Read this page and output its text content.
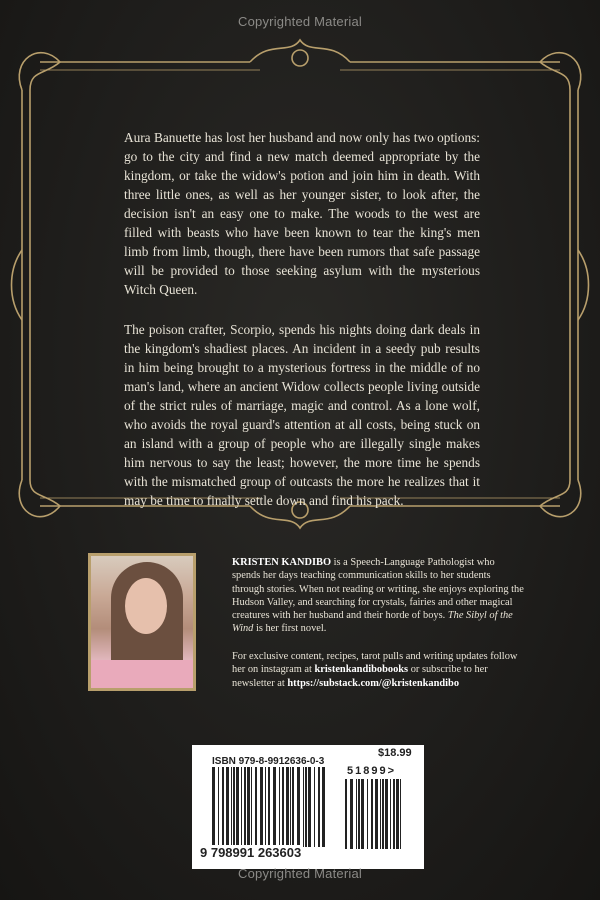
Copyrighted Material

Aura Banuette has lost her husband and now only has two options: go to the city and find a new match deemed appropriate by the kingdom, or take the widow's potion and join him in death. With three little ones, as well as her younger sister, to look after, the decision isn't an easy one to make. The woods to the west are filled with beasts who have been known to tear the king's men limb from limb, though, there have been rumors that safe passage will be provided to those seeking asylum with the mysterious Witch Queen.

The poison crafter, Scorpio, spends his nights doing dark deals in the kingdom's shadiest places. An incident in a seedy pub results in him being brought to a mysterious fortress in the middle of no man's land, where an ancient Widow collects people living outside of the strict rules of marriage, magic and control. As a lone wolf, who avoids the royal guard's attention at all costs, being stuck on an island with a group of people who are illegally single makes him nervous to say the least; however, the more time he spends with the mismatched group of outcasts the more he realizes that it may be time to finally settle down and find his pack.

KRISTEN KANDIBO is a Speech-Language Pathologist who spends her days teaching communication skills to her students through stories. When not reading or writing, she enjoys exploring the Hudson Valley, and searching for crystals, fairies and other magical creatures with her husband and their horde of boys. The Sibyl of the Wind is her first novel.

For exclusive content, recipes, tarot pulls and writing updates follow her on instagram at kristenkandibobooks or subscribe to her newsletter at https://substack.com/@kristenkandibo

$18.99
ISBN 979-8-9912636-0-3
51899>
9 798991 263603
Copyrighted Material
